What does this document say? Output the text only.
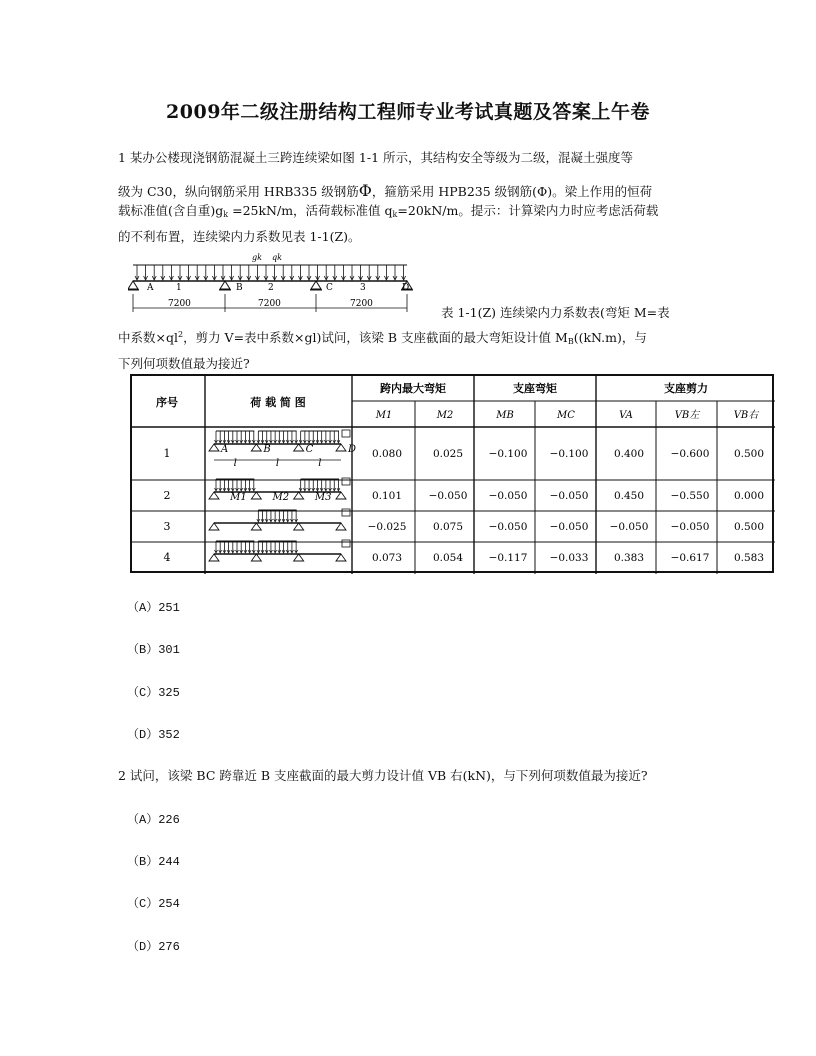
2009年二级注册结构工程师专业考试真题及答案上午卷
1 某办公楼现浇钢筋混凝土三跨连续梁如图 1-1 所示，其结构安全等级为二级，混凝土强度等
级为 C30，纵向钢筋采用 HRB335 级钢筋Φ，箍筋采用 HPB235 级钢筋(Φ)。梁上作用的恒荷
载标准值(含自重)$g_k =25kN/m$，活荷载标准值 $q_k=20kN/m$。提示：计算梁内力时应考虑活荷载
的不利布置，连续梁内力系数见表 1-1(Z)。
gk qk
A	B	C	D
1	2	3
7200	7200	7200
表 1-1(Z) 连续梁内力系数表(弯矩 M=表
中系数$\times ql^2$，剪力 V=表中系数×gl)试问，该梁 B 支座截面的最大弯矩设计值 $M_B((kN.m)$，与
下列何项数值最为接近?
序号	荷 载 简 图
跨内最大弯矩	支座弯矩	支座剪力
M1	M2	MB	MC	VA	VB左	VB右
A	B	C	D
l	l	l
M1	M2	M3
1	0.080	0.025 −0.100 −0.100 0.400	−0.600 0.500
2	0.101	−0.050 −0.050 −0.050 0.450	−0.550 0.000
3	−0.025	0.075 −0.050 −0.050 −0.050 −0.050 0.500
4	0.073	0.054 −0.117 −0.033 0.383	−0.617 0.583
（A）251
（B）301
（C）325
（D）352
2 试问，该梁 BC 跨靠近 B 支座截面的最大剪力设计值 VB 右(kN)，与下列何项数值最为接近?
（A）226
（B）244
（C）254
（D）276
